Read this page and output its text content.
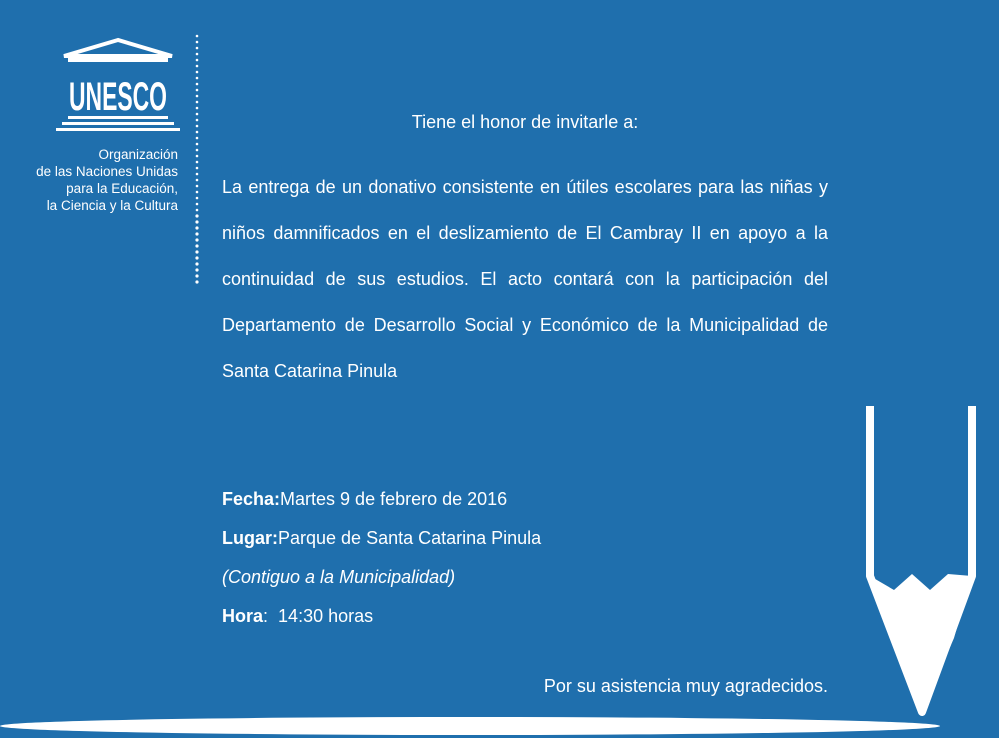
UNESCO
Organización
de las Naciones Unidas
para la Educación,
la Ciencia y la Cultura
Tiene el honor de invitarle a:
La entrega de un donativo consistente en útiles escolares para las niñas y niños damnificados en el deslizamiento de El Cambray II en apoyo a la continuidad de sus estudios. El acto contará con la participación del Departamento de Desarrollo Social y Económico de la Municipalidad de Santa Catarina Pinula
Fecha:Martes 9 de febrero de 2016
Lugar:Parque de Santa Catarina Pinula
(Contiguo a la Municipalidad)
Hora: 14:30 horas
Por su asistencia muy agradecidos.
